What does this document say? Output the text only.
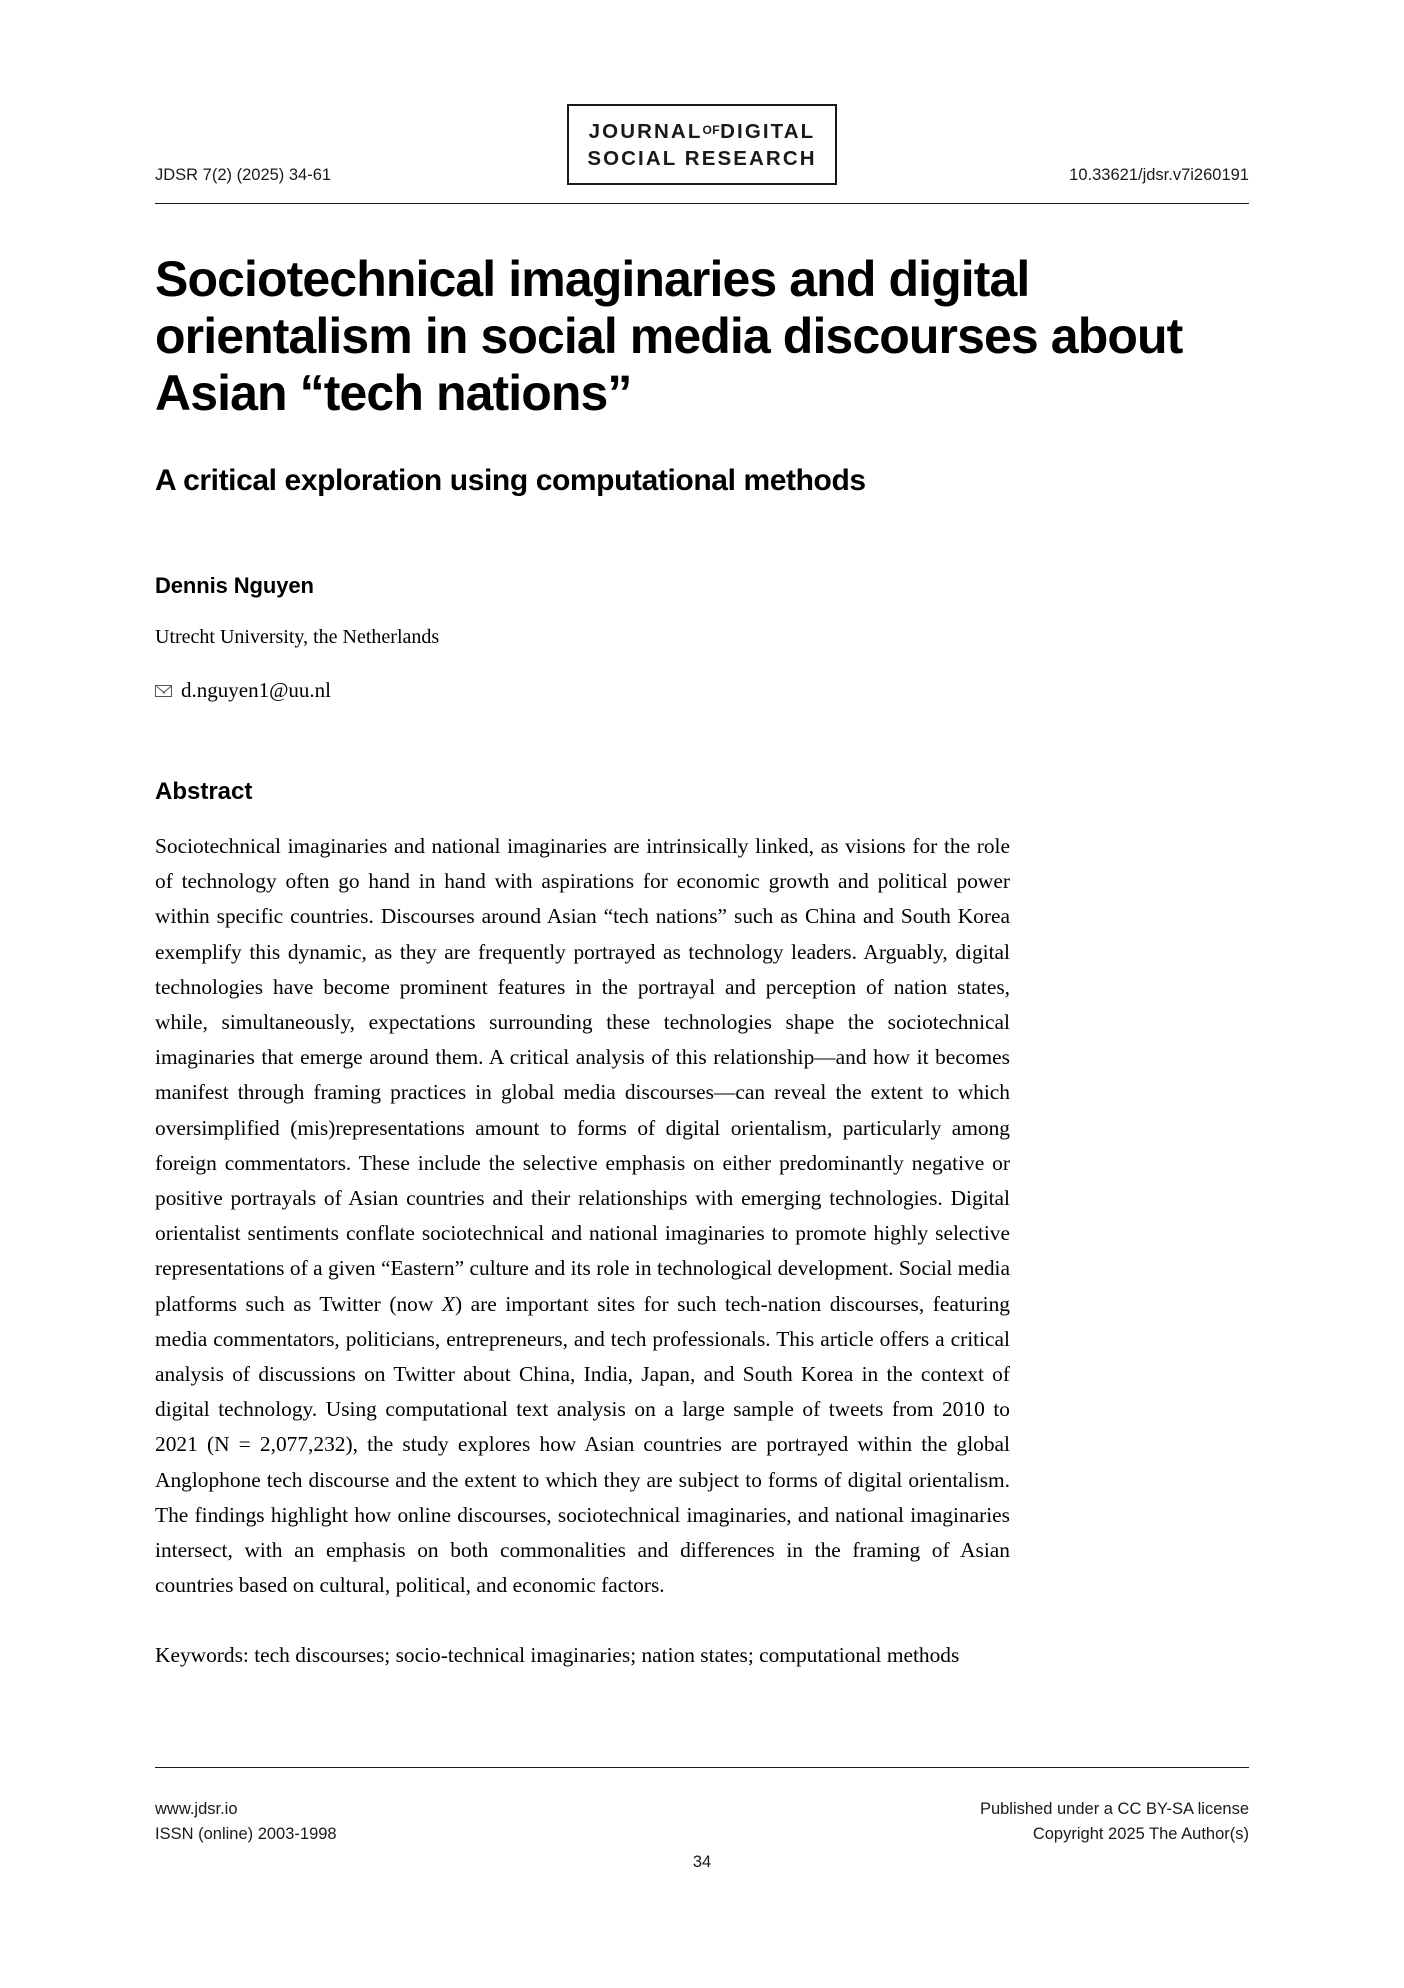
JOURNALOFDIGITAL
SOCIAL RESEARCH
JDSR 7(2) (2025) 34-61	10.33621/jdsr.v7i260191
Sociotechnical imaginaries and digital orientalism in social media discourses about Asian “tech nations”
A critical exploration using computational methods
Dennis Nguyen
Utrecht University, the Netherlands
d.nguyen1@uu.nl
Abstract

Sociotechnical imaginaries and national imaginaries are intrinsically linked, as visions for the role of technology often go hand in hand with aspirations for economic growth and political power within specific countries. Discourses around Asian “tech nations” such as China and South Korea exemplify this dynamic, as they are frequently portrayed as technology leaders. Arguably, digital technologies have become prominent features in the portrayal and perception of nation states, while, simultaneously, expectations surrounding these technologies shape the sociotechnical imaginaries that emerge around them. A critical analysis of this relationship—and how it becomes manifest through framing practices in global media discourses—can reveal the extent to which oversimplified (mis)representations amount to forms of digital orientalism, particularly among foreign commentators. These include the selective emphasis on either predominantly negative or positive portrayals of Asian countries and their relationships with emerging technologies. Digital orientalist sentiments conflate sociotechnical and national imaginaries to promote highly selective representations of a given “Eastern” culture and its role in technological development. Social media platforms such as Twitter (now X) are important sites for such tech-nation discourses, featuring media commentators, politicians, entrepreneurs, and tech professionals. This article offers a critical analysis of discussions on Twitter about China, India, Japan, and South Korea in the context of digital technology. Using computational text analysis on a large sample of tweets from 2010 to 2021 (N = 2,077,232), the study explores how Asian countries are portrayed within the global Anglophone tech discourse and the extent to which they are subject to forms of digital orientalism. The findings highlight how online discourses, sociotechnical imaginaries, and national imaginaries intersect, with an emphasis on both commonalities and differences in the framing of Asian countries based on cultural, political, and economic factors.

Keywords: tech discourses; socio-technical imaginaries; nation states; computational methods

www.jdsr.io
ISSN (online) 2003-1998
Published under a CC BY-SA license
Copyright 2025 The Author(s)
34
